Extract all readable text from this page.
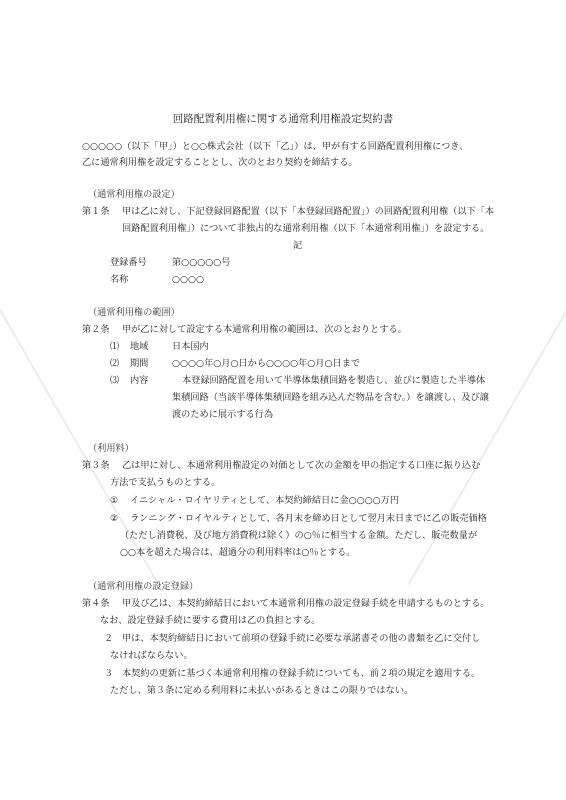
回路配置利用権に関する通常利用権設定契約書

○○○○○（以下「甲」）と○○株式会社（以下「乙」）は、甲が有する回路配置利用権につき、

乙に通常利用権を設定することとし、次のとおり契約を締結する。

（通常利用権の設定）

第１条 甲は乙に対し、下記登録回路配置（以下「本登録回路配置」）の回路配置利用権（以下「本

回路配置利用権」）について非独占的な通常利用権（以下「本通常利用権」）を設定する。

記

登録番号	第○○○○○号

名称	○○○○

（通常利用権の範囲）

第２条 甲が乙に対して設定する本通常利用権の範囲は、次のとおりとする。

⑴ 地域	日本国内

⑵ 期間	○○○○年○月○日から○○○○年○月○日まで

⑶ 内容	本登録回路配置を用いて半導体集積回路を製造し、並びに製造した半導体

集積回路（当該半導体集積回路を組み込んだ物品を含む。）を譲渡し、及び譲

渡のために展示する行為

（利用料）

第３条 乙は甲に対し、本通常利用権設定の対価として次の金額を甲の指定する口座に振り込む

方法で支払うものとする。

① イニシャル・ロイヤリティとして、本契約締結日に金○○○○万円

② ランニング・ロイヤルティとして、各月末を締め日として翌月末日までに乙の販売価格

（ただし消費税、及び地方消費税は除く）の○％に相当する金額。ただし、販売数量が

○○本を超えた場合は、超過分の利用料率は○％とする。

（通常利用権の設定登録）

第４条 甲及び乙は、本契約締結日において本通常利用権の設定登録手続を申請するものとする。

なお、設定登録手続に要する費用は乙の負担とする。

２ 甲は、本契約締結日において前項の登録手続に必要な承諾書その他の書類を乙に交付し

なければならない。

３ 本契約の更新に基づく本通常利用権の登録手続についても、前２項の規定を適用する。

ただし、第３条に定める利用料に未払いがあるときはこの限りではない。
